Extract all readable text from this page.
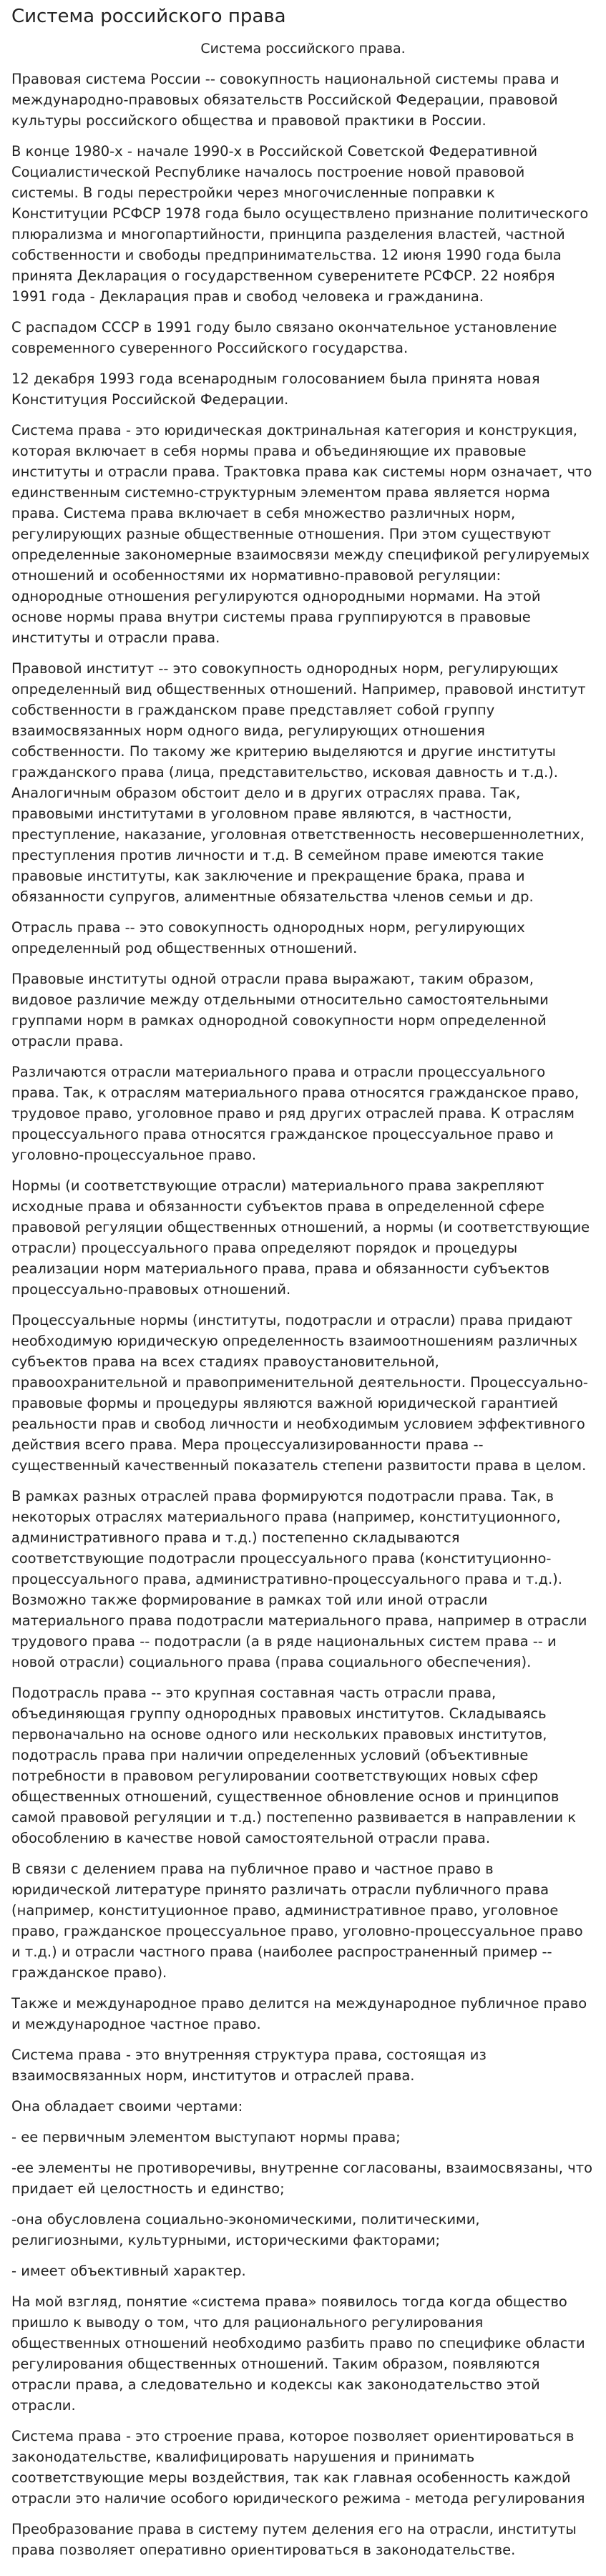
Система российского права
Система российского права.

Правовая система России -- совокупность национальной системы права и международно-правовых обязательств Российской Федерации, правовой культуры российского общества и правовой практики в России.

В конце 1980-х - начале 1990-х в Российской Советской Федеративной Социалистической Республике началось построение новой правовой системы. В годы перестройки через многочисленные поправки к Конституции РСФСР 1978 года было осуществлено признание политического плюрализма и многопартийности, принципа разделения властей, частной собственности и свободы предпринимательства. 12 июня 1990 года была принята Декларация о государственном суверенитете РСФСР. 22 ноября 1991 года - Декларация прав и свобод человека и гражданина.

С распадом СССР в 1991 году было связано окончательное установление современного суверенного Российского государства.

12 декабря 1993 года всенародным голосованием была принята новая Конституция Российской Федерации.

Система права - это юридическая доктринальная категория и конструкция, которая включает в себя нормы права и объединяющие их правовые институты и отрасли права. Трактовка права как системы норм означает, что единственным системно-структурным элементом права является норма права. Система права включает в себя множество различных норм, регулирующих разные общественные отношения. При этом существуют определенные закономерные взаимосвязи между спецификой регулируемых отношений и особенностями их нормативно-правовой регуляции: однородные отношения регулируются однородными нормами. На этой основе нормы права внутри системы права группируются в правовые институты и отрасли права.

Правовой институт -- это совокупность однородных норм, регулирующих определенный вид общественных отношений. Например, правовой институт собственности в гражданском праве представляет собой группу взаимосвязанных норм одного вида, регулирующих отношения собственности. По такому же критерию выделяются и другие институты гражданского права (лица, представительство, исковая давность и т.д.). Аналогичным образом обстоит дело и в других отраслях права. Так, правовыми институтами в уголовном праве являются, в частности, преступление, наказание, уголовная ответственность несовершеннолетних, преступления против личности и т.д. В семейном праве имеются такие правовые институты, как заключение и прекращение брака, права и обязанности супругов, алиментные обязательства членов семьи и др.

Отрасль права -- это совокупность однородных норм, регулирующих определенный род общественных отношений.

Правовые институты одной отрасли права выражают, таким образом, видовое различие между отдельными относительно самостоятельными группами норм в рамках однородной совокупности норм определенной отрасли права.

Различаются отрасли материального права и отрасли процессуального права. Так, к отраслям материального права относятся гражданское право, трудовое право, уголовное право и ряд других отраслей права. К отраслям процессуального права относятся гражданское процессуальное право и уголовно-процессуальное право.

Нормы (и соответствующие отрасли) материального права закрепляют исходные права и обязанности субъектов права в определенной сфере правовой регуляции общественных отношений, а нормы (и соответствующие отрасли) процессуального права определяют порядок и процедуры реализации норм материального права, права и обязанности субъектов процессуально-правовых отношений.

Процессуальные нормы (институты, подотрасли и отрасли) права придают необходимую юридическую определенность взаимоотношениям различных субъектов права на всех стадиях правоустановительной, правоохранительной и правоприменительной деятельности. Процессуально-правовые формы и процедуры являются важной юридической гарантией реальности прав и свобод личности и необходимым условием эффективного действия всего права. Мера процессуализированности права -- существенный качественный показатель степени развитости права в целом.

В рамках разных отраслей права формируются подотрасли права. Так, в некоторых отраслях материального права (например, конституционного, административного права и т.д.) постепенно складываются соответствующие подотрасли процессуального права (конституционно-процессуального права, административно-процессуального права и т.д.). Возможно также формирование в рамках той или иной отрасли материального права подотрасли материального права, например в отрасли трудового права -- подотрасли (а в ряде национальных систем права -- и новой отрасли) социального права (права социального обеспечения).

Подотрасль права -- это крупная составная часть отрасли права, объединяющая группу однородных правовых институтов. Складываясь первоначально на основе одного или нескольких правовых институтов, подотрасль права при наличии определенных условий (объективные потребности в правовом регулировании соответствующих новых сфер общественных отношений, существенное обновление основ и принципов самой правовой регуляции и т.д.) постепенно развивается в направлении к обособлению в качестве новой самостоятельной отрасли права.

В связи с делением права на публичное право и частное право в юридической литературе принято различать отрасли публичного права (например, конституционное право, административное право, уголовное право, гражданское процессуальное право, уголовно-процессуальное право и т.д.) и отрасли частного права (наиболее распространенный пример -- гражданское право).

Также и международное право делится на международное публичное право и международное частное право.

Система права - это внутренняя структура права, состоящая из взаимосвязанных норм, институтов и отраслей права.

Она обладает своими чертами:

- ее первичным элементом выступают нормы права;

-ее элементы не противоречивы, внутренне согласованы, взаимосвязаны, что придает ей целостность и единство;

-она обусловлена социально-экономическими, политическими, религиозными, культурными, историческими факторами;

- имеет объективный характер.

На мой взгляд, понятие «система права» появилось тогда когда общество пришло к выводу о том, что для рационального регулирования общественных отношений необходимо разбить право по специфике области регулирования общественных отношений. Таким образом, появляются отрасли права, а следовательно и кодексы как законодательство этой отрасли.

Система права - это строение права, которое позволяет ориентироваться в законодательстве, квалифицировать нарушения и принимать соответствующие меры воздействия, так как главная особенность каждой отрасли это наличие особого юридического режима - метода регулирования

Преобразование права в систему путем деления его на отрасли, институты права позволяет оперативно ориентироваться в законодательстве.
